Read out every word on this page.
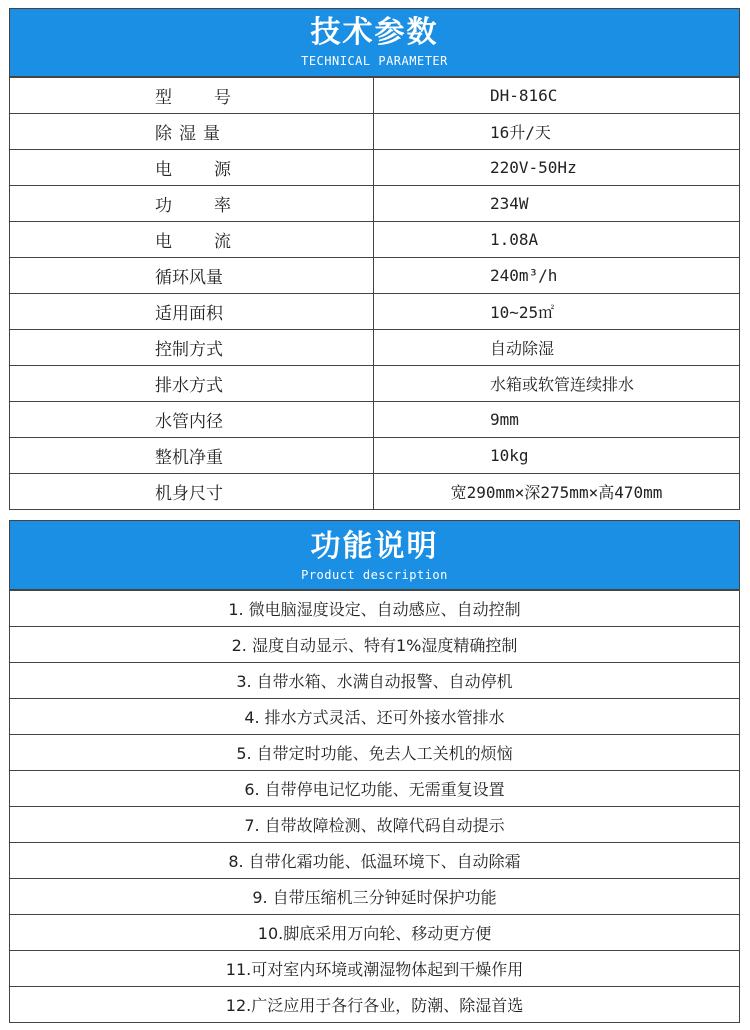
技术参数
TECHNICAL PARAMETER
型号	DH-816C
除湿量	16升/天
电源	220V-50Hz
功率	234W
电流	1.08A
循环风量	240m³/h
适用面积	10~25㎡
控制方式	自动除湿
排水方式	水箱或软管连续排水
水管内径	9mm
整机净重	10kg
机身尺寸	宽290mm×深275mm×高470mm
功能说明
Product description
1. 微电脑湿度设定、自动感应、自动控制
2. 湿度自动显示、特有1%湿度精确控制
3. 自带水箱、水满自动报警、自动停机
4. 排水方式灵活、还可外接水管排水
5. 自带定时功能、免去人工关机的烦恼
6. 自带停电记忆功能、无需重复设置
7. 自带故障检测、故障代码自动提示
8. 自带化霜功能、低温环境下、自动除霜
9. 自带压缩机三分钟延时保护功能
10.脚底采用万向轮、移动更方便
11.可对室内环境或潮湿物体起到干燥作用
12.广泛应用于各行各业，防潮、除湿首选
